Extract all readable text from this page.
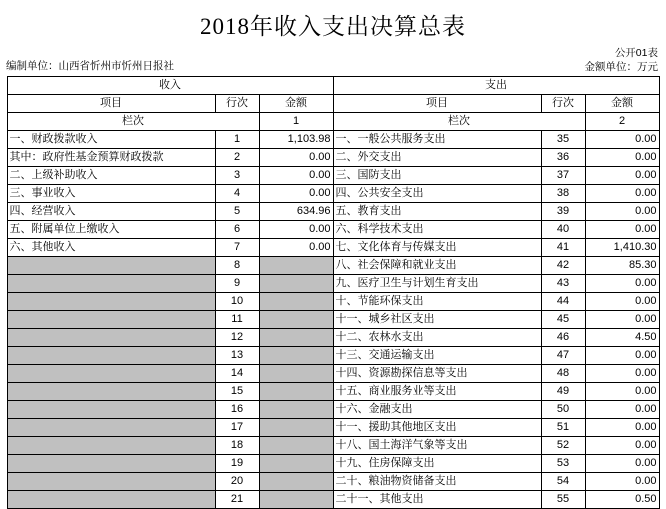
2018年收入支出决算总表
公开01表
编制单位：山西省忻州市忻州日报社	金额单位：万元
收入			支出		
项目	行次	金额	项目	行次	金额
栏次		1	栏次		2
一、财政拨款收入	1	1,103.98	一、一般公共服务支出	35	0.00
其中：政府性基金预算财政拨款	2	0.00	二、外交支出	36	0.00
二、上级补助收入	3	0.00	三、国防支出	37	0.00
三、事业收入	4	0.00	四、公共安全支出	38	0.00
四、经营收入	5	634.96	五、教育支出	39	0.00
五、附属单位上缴收入	6	0.00	六、科学技术支出	40	0.00
六、其他收入	7	0.00	七、文化体育与传媒支出	41	1,410.30
	8		八、社会保障和就业支出	42	85.30
	9		九、医疗卫生与计划生育支出	43	0.00
	10		十、节能环保支出	44	0.00
	11		十一、城乡社区支出	45	0.00
	12		十二、农林水支出	46	4.50
	13		十三、交通运输支出	47	0.00
	14		十四、资源勘探信息等支出	48	0.00
	15		十五、商业服务业等支出	49	0.00
	16		十六、金融支出	50	0.00
	17		十一、援助其他地区支出	51	0.00
	18		十八、国土海洋气象等支出	52	0.00
	19		十九、住房保障支出	53	0.00
	20		二十、粮油物资储备支出	54	0.00
	21		二十一、其他支出	55	0.50
